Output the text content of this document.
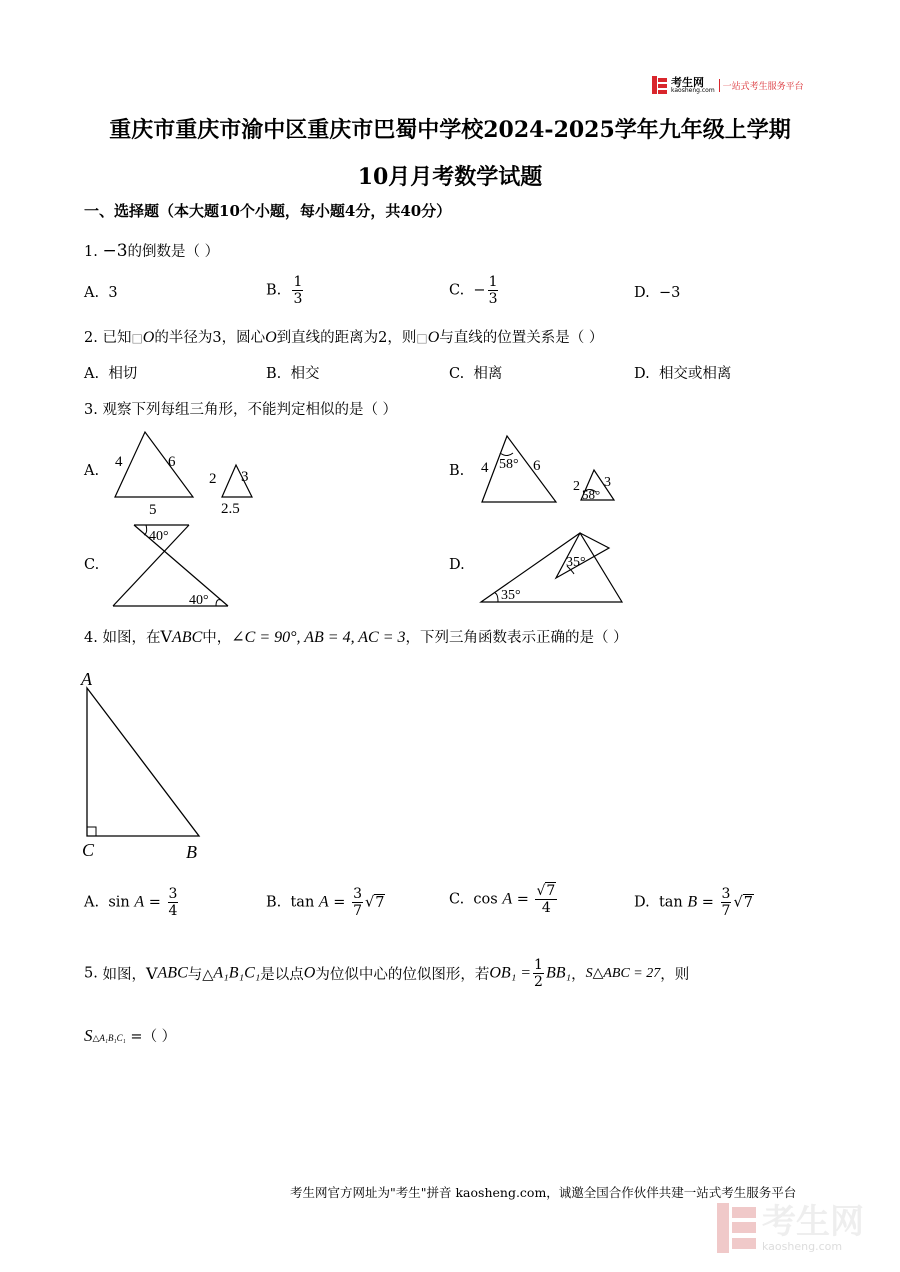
考生网
kaosheng.com 一站式考生服务平台
重庆市重庆市渝中区重庆市巴蜀中学校2024-2025学年九年级上学期
10月月考数学试题
一、选择题（本大题10个小题，每小题4分，共40分）
1. −3的倒数是（ ）
A. 3	B. $\frac{1}{3}$	C. − $\frac{1}{3}$	D. −3
2. 已知□O的半径为3，圆心O到直线的距离为2，则□O与直线的位置关系是（ ）
A. 相切	B. 相交	C. 相离	D. 相交或相离
3. 观察下列每组三角形，不能判定相似的是（ ）
A.	B.
C.	D.
4	6
5
2 3
2.5
58°
4	6
58°
2 3
40°
40°
35°
35°
4. 如图，在VABC中，∠C = 90°, AB = 4, AC = 3，下列三角函数表示正确的是（ ）
A
C	B
A. $\sin A = \frac{3}{4}$	B. $\tan A = \frac{3}{7} √7$	C. $\cos A = \frac{√7}{4}$	D. $\tan B = \frac{3}{7} √7$
5. 如图，VABC与△A₁B₁C₁是以点O为位似中心的位似图形，若$OB_1 = \frac{1}{2} BB_1$，S△ABC = 27，则
S△A₁B₁C₁ =（ ）
考生网官方网址为"考生"拼音 kaosheng.com，诚邀全国合作伙伴共建一站式考生服务平台
考生网
kaosheng.com
